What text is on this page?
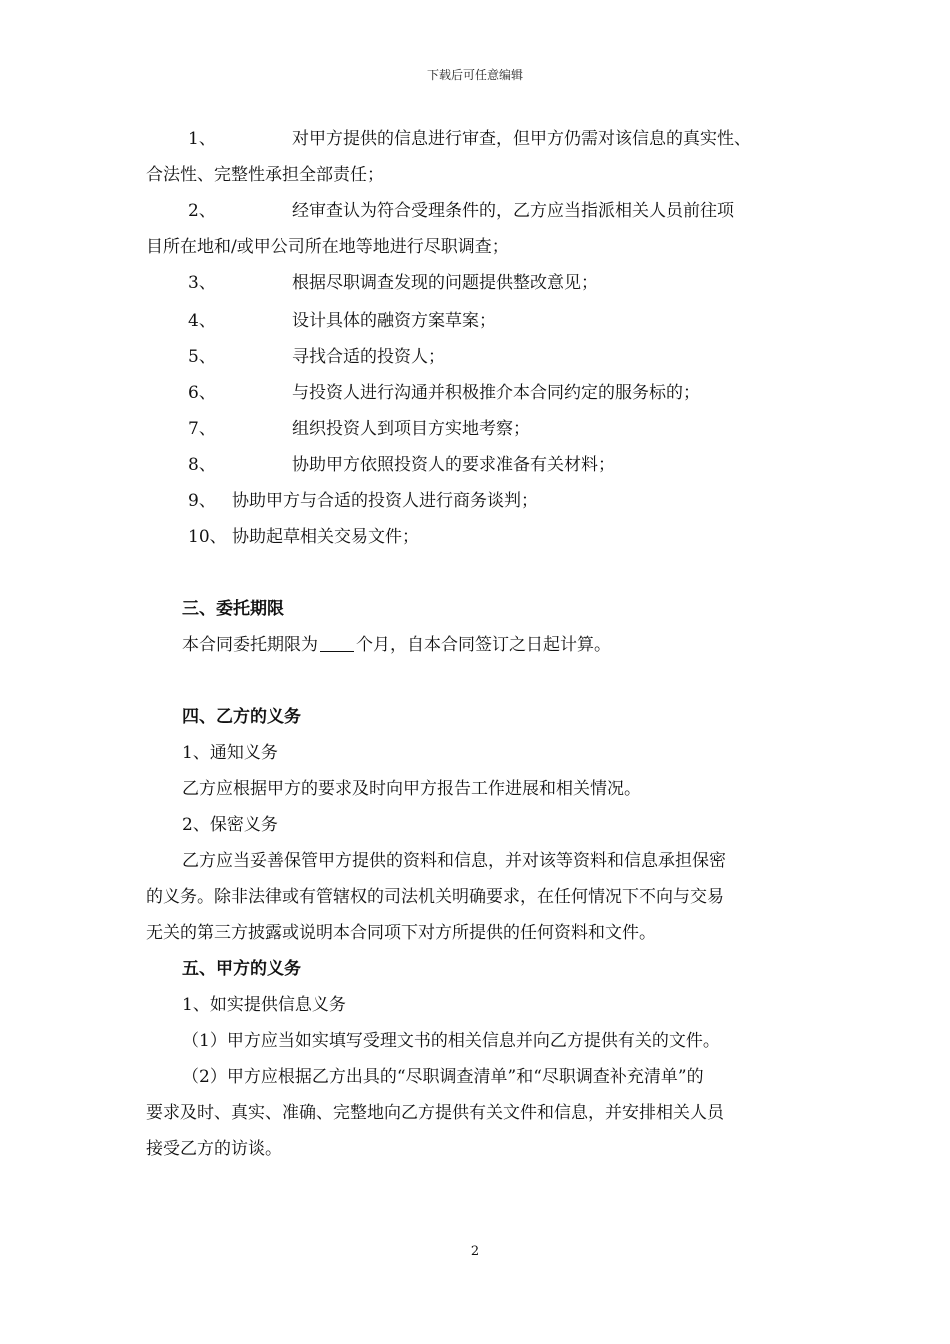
下载后可任意编辑
1、	对甲方提供的信息进行审查，但甲方仍需对该信息的真实性、
合法性、完整性承担全部责任；
2、	经审查认为符合受理条件的，乙方应当指派相关人员前往项
目所在地和/或甲公司所在地等地进行尽职调查；
3、	根据尽职调查发现的问题提供整改意见；
4、	设计具体的融资方案草案；
5、	寻找合适的投资人；
6、	与投资人进行沟通并积极推介本合同约定的服务标的；
7、	组织投资人到项目方实地考察；
8、	协助甲方依照投资人的要求准备有关材料；
9、 协助甲方与合适的投资人进行商务谈判；
10、 协助起草相关交易文件；
三、委托期限
本合同委托期限为 个月，自本合同签订之日起计算。
四、乙方的义务
1、通知义务
乙方应根据甲方的要求及时向甲方报告工作进展和相关情况。
2、保密义务
乙方应当妥善保管甲方提供的资料和信息，并对该等资料和信息承担保密
的义务。除非法律或有管辖权的司法机关明确要求，在任何情况下不向与交易
无关的第三方披露或说明本合同项下对方所提供的任何资料和文件。
五、甲方的义务
1、如实提供信息义务
（1）甲方应当如实填写受理文书的相关信息并向乙方提供有关的文件。
（2）甲方应根据乙方出具的“尽职调查清单”和“尽职调查补充清单”的
要求及时、真实、准确、完整地向乙方提供有关文件和信息，并安排相关人员
接受乙方的访谈。
2
